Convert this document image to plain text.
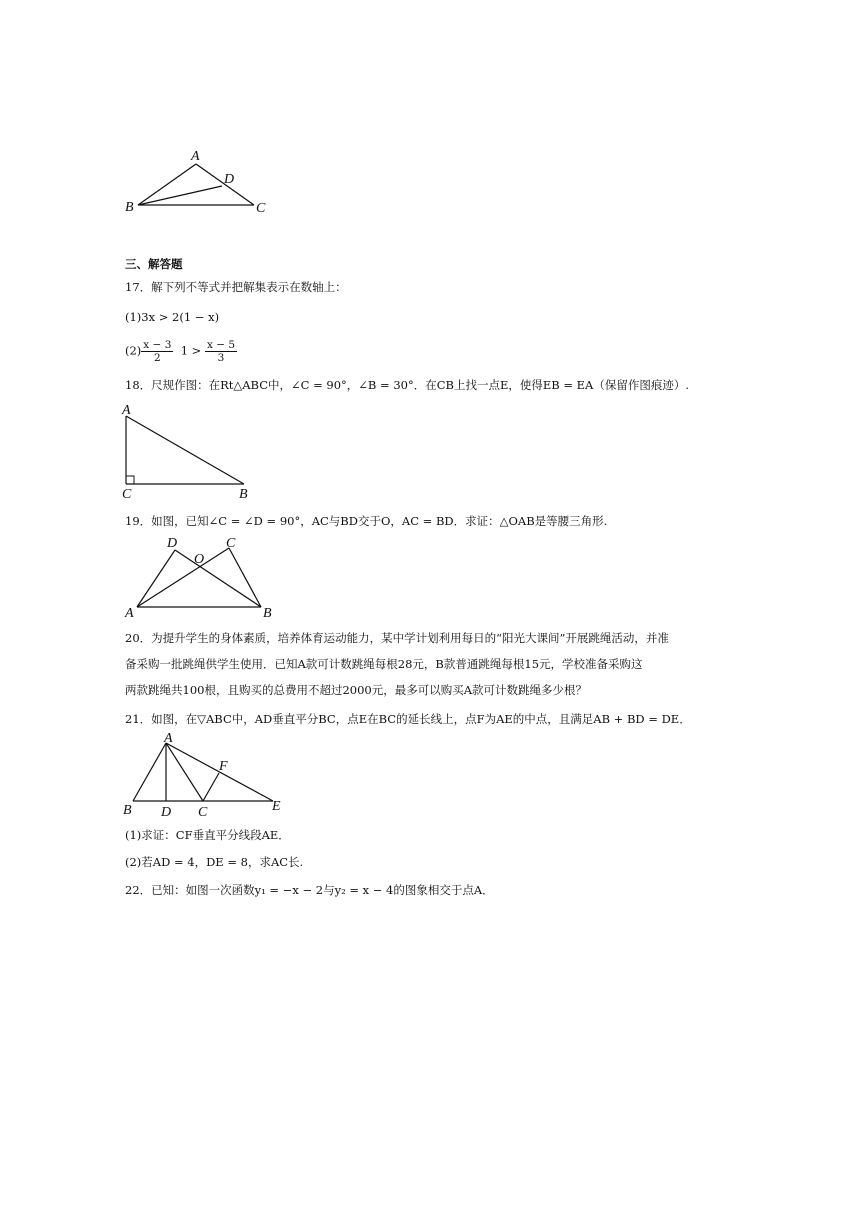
A
D
B	C
三、解答题
17．解下列不等式并把解集表示在数轴上：
(1)3x > 2(1 − x)
$(2) \frac{x - 3}{2} 1 > \frac{x - 5}{3}$
18．尺规作图：在Rt△ABC中，∠C = 90°，∠B = 30°．在CB上找一点E，使得EB = EA（保留作图痕迹）.
A
C	B
19．如图，已知∠C = ∠D = 90°，AC与BD交于O，AC = BD．求证：△OAB是等腰三角形.
D	C
O
A	B
20．为提升学生的身体素质，培养体育运动能力，某中学计划利用每日的“阳光大课间”开展跳绳活动，并准
备采购一批跳绳供学生使用．已知A款可计数跳绳每根28元，B款普通跳绳每根15元，学校准备采购这
两款跳绳共100根，且购买的总费用不超过2000元，最多可以购买A款可计数跳绳多少根？
21．如图，在▽ABC中，AD垂直平分BC，点E在BC的延长线上，点F为AE的中点，且满足AB + BD = DE．
A
F
B D C	E
(1)求证：CF垂直平分线段AE．
(2)若AD = 4，DE = 8，求AC长.
22．已知：如图一次函数y₁ = −x − 2与y₂ = x − 4的图象相交于点A．
